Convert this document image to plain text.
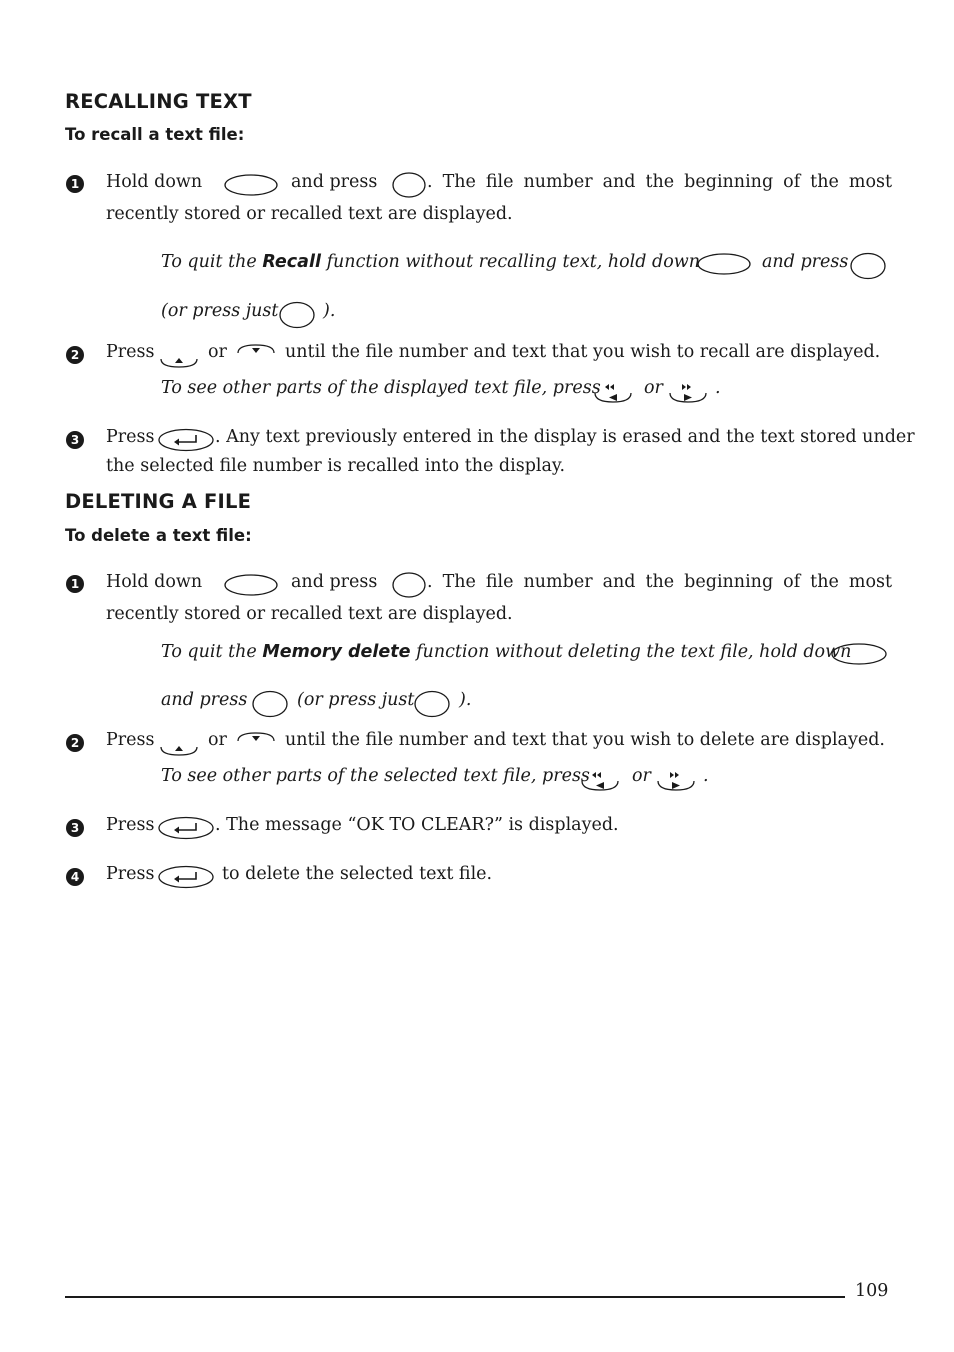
RECALLING TEXT
To recall a text file:
1 Hold down	and press	. The file number and the beginning of the most
recently stored or recalled text are displayed.
To quit the Recall function without recalling text, hold down	and press
(or press just	).
2 Press	or	until the file number and text that you wish to recall are displayed.
To see other parts of the displayed text file, press or	.
3 Press	. Any text previously entered in the display is erased and the text stored under
the selected file number is recalled into the display.
DELETING A FILE
To delete a text file:
1 Hold down	and press	. The file number and the beginning of the most
recently stored or recalled text are displayed.
To quit the Memory delete function without deleting the text file, hold down
and press	(or press just	).
2 Press	or	until the file number and text that you wish to delete are displayed.
To see other parts of the selected text file, press or	.
3 Press	. The message “OK TO CLEAR?” is displayed.
4 Press	to delete the selected text file.
109
